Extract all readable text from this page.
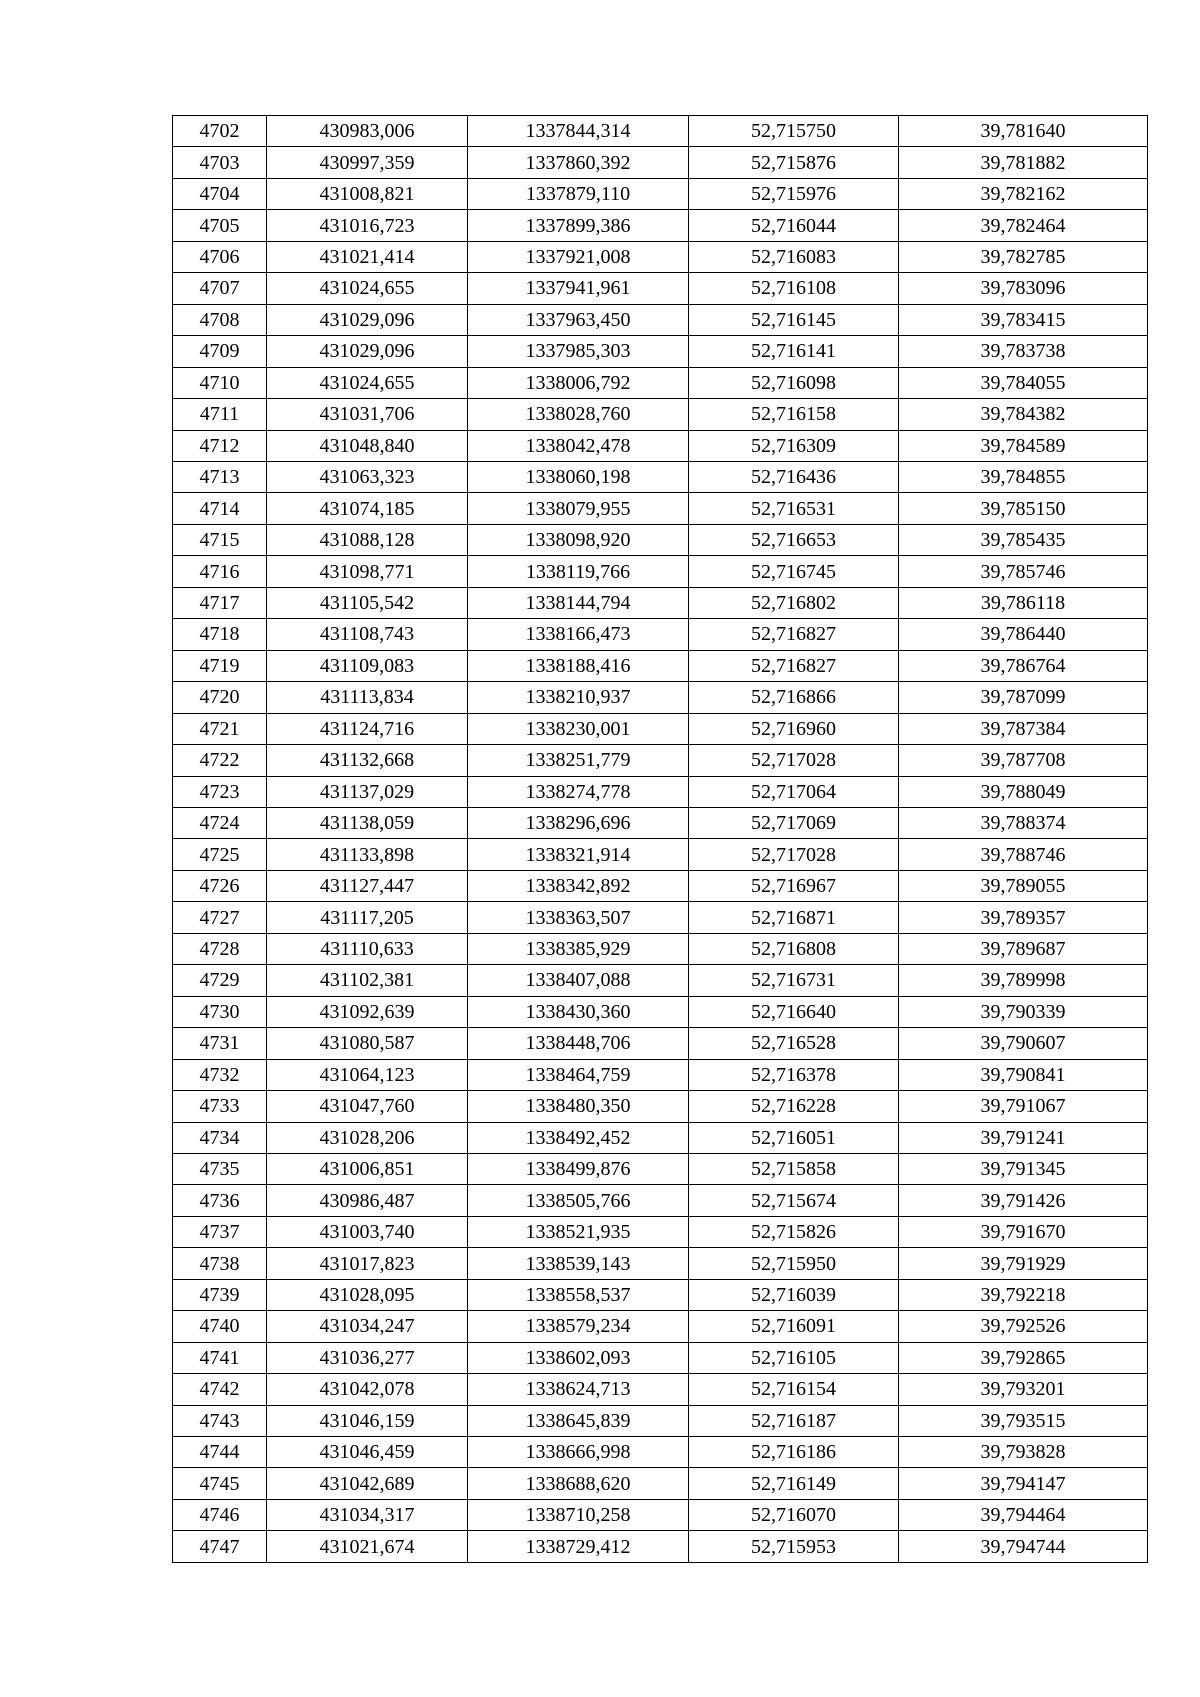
4702	430983,006	1337844,314	52,715750	39,781640
4703	430997,359	1337860,392	52,715876	39,781882
4704	431008,821	1337879,110	52,715976	39,782162
4705	431016,723	1337899,386	52,716044	39,782464
4706	431021,414	1337921,008	52,716083	39,782785
4707	431024,655	1337941,961	52,716108	39,783096
4708	431029,096	1337963,450	52,716145	39,783415
4709	431029,096	1337985,303	52,716141	39,783738
4710	431024,655	1338006,792	52,716098	39,784055
4711	431031,706	1338028,760	52,716158	39,784382
4712	431048,840	1338042,478	52,716309	39,784589
4713	431063,323	1338060,198	52,716436	39,784855
4714	431074,185	1338079,955	52,716531	39,785150
4715	431088,128	1338098,920	52,716653	39,785435
4716	431098,771	1338119,766	52,716745	39,785746
4717	431105,542	1338144,794	52,716802	39,786118
4718	431108,743	1338166,473	52,716827	39,786440
4719	431109,083	1338188,416	52,716827	39,786764
4720	431113,834	1338210,937	52,716866	39,787099
4721	431124,716	1338230,001	52,716960	39,787384
4722	431132,668	1338251,779	52,717028	39,787708
4723	431137,029	1338274,778	52,717064	39,788049
4724	431138,059	1338296,696	52,717069	39,788374
4725	431133,898	1338321,914	52,717028	39,788746
4726	431127,447	1338342,892	52,716967	39,789055
4727	431117,205	1338363,507	52,716871	39,789357
4728	431110,633	1338385,929	52,716808	39,789687
4729	431102,381	1338407,088	52,716731	39,789998
4730	431092,639	1338430,360	52,716640	39,790339
4731	431080,587	1338448,706	52,716528	39,790607
4732	431064,123	1338464,759	52,716378	39,790841
4733	431047,760	1338480,350	52,716228	39,791067
4734	431028,206	1338492,452	52,716051	39,791241
4735	431006,851	1338499,876	52,715858	39,791345
4736	430986,487	1338505,766	52,715674	39,791426
4737	431003,740	1338521,935	52,715826	39,791670
4738	431017,823	1338539,143	52,715950	39,791929
4739	431028,095	1338558,537	52,716039	39,792218
4740	431034,247	1338579,234	52,716091	39,792526
4741	431036,277	1338602,093	52,716105	39,792865
4742	431042,078	1338624,713	52,716154	39,793201
4743	431046,159	1338645,839	52,716187	39,793515
4744	431046,459	1338666,998	52,716186	39,793828
4745	431042,689	1338688,620	52,716149	39,794147
4746	431034,317	1338710,258	52,716070	39,794464
4747	431021,674	1338729,412	52,715953	39,794744
